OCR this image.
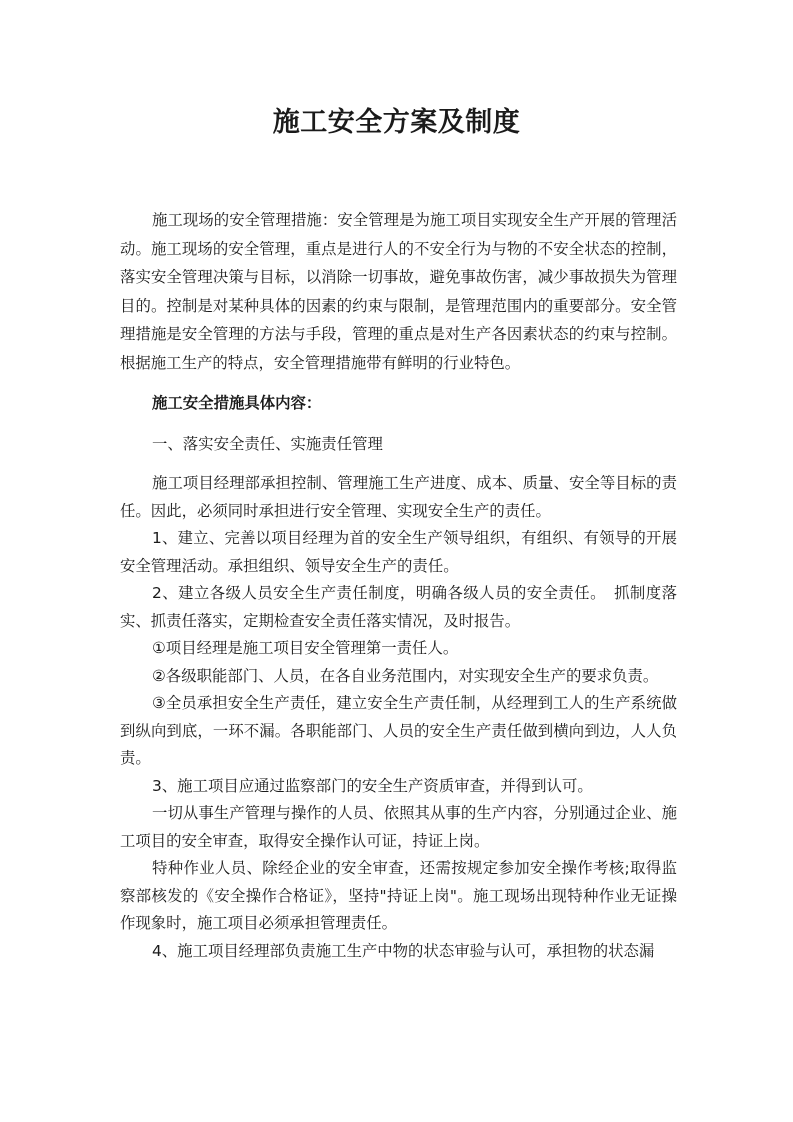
施工安全方案及制度

施工现场的安全管理措施：安全管理是为施工项目实现安全生产开展的管理活动。施工现场的安全管理，重点是进行人的不安全行为与物的不安全状态的控制，落实安全管理决策与目标，以消除一切事故，避免事故伤害，减少事故损失为管理目的。控制是对某种具体的因素的约束与限制，是管理范围内的重要部分。安全管理措施是安全管理的方法与手段，管理的重点是对生产各因素状态的约束与控制。根据施工生产的特点，安全管理措施带有鲜明的行业特色。

施工安全措施具体内容：

一、落实安全责任、实施责任管理

施工项目经理部承担控制、管理施工生产进度、成本、质量、安全等目标的责任。因此，必须同时承担进行安全管理、实现安全生产的责任。

1、建立、完善以项目经理为首的安全生产领导组织，有组织、有领导的开展安全管理活动。承担组织、领导安全生产的责任。

2、建立各级人员安全生产责任制度，明确各级人员的安全责任。　抓制度落实、抓责任落实，定期检查安全责任落实情况，及时报告。

①项目经理是施工项目安全管理第一责任人。

②各级职能部门、人员，在各自业务范围内，对实现安全生产的要求负责。

③全员承担安全生产责任，建立安全生产责任制，从经理到工人的生产系统做到纵向到底，一环不漏。各职能部门、人员的安全生产责任做到横向到边，人人负责。

3、施工项目应通过监察部门的安全生产资质审查，并得到认可。

一切从事生产管理与操作的人员、依照其从事的生产内容，分别通过企业、施工项目的安全审查，取得安全操作认可证，持证上岗。

特种作业人员、除经企业的安全审查，还需按规定参加安全操作考核;取得监察部核发的《安全操作合格证》，坚持"持证上岗"。施工现场出现特种作业无证操作现象时，施工项目必须承担管理责任。

4、施工项目经理部负责施工生产中物的状态审验与认可，承担物的状态漏
